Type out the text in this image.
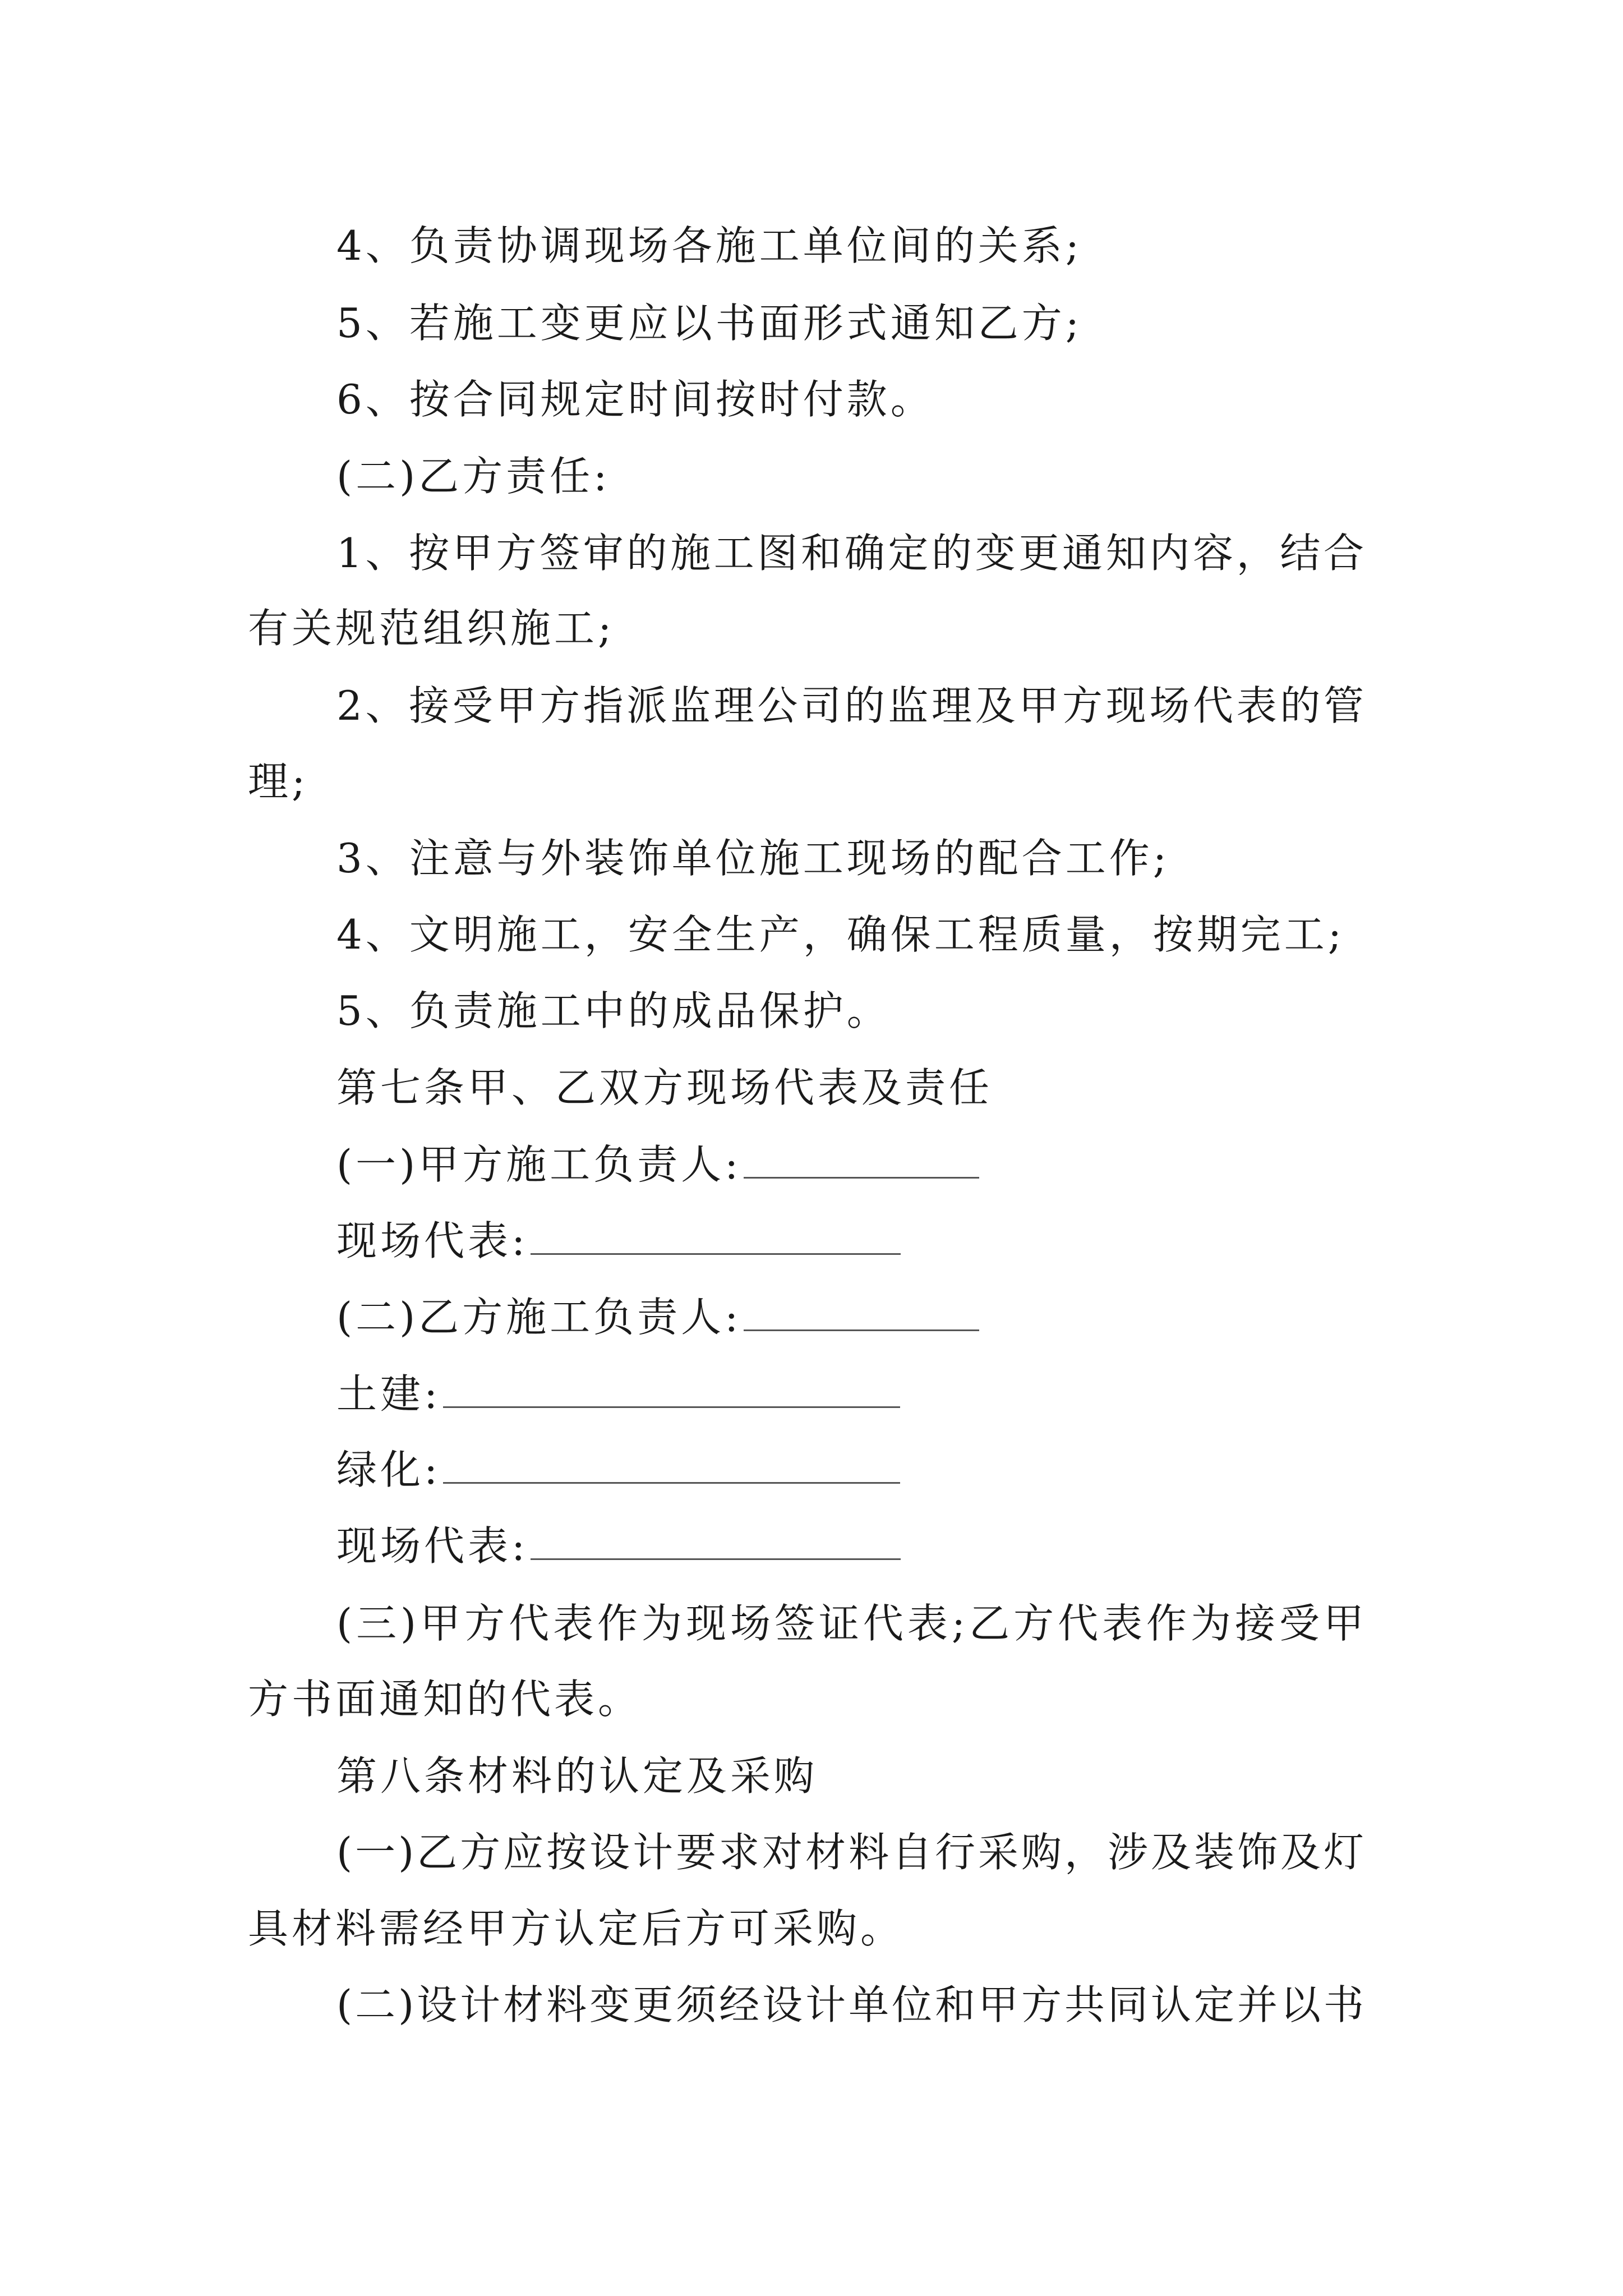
4、负责协调现场各施工单位间的关系;
5、若施工变更应以书面形式通知乙方;
6、按合同规定时间按时付款。
(二)乙方责任:
1、按甲方签审的施工图和确定的变更通知内容，结合
有关规范组织施工;
2、接受甲方指派监理公司的监理及甲方现场代表的管
理;
3、注意与外装饰单位施工现场的配合工作;
4、文明施工，安全生产，确保工程质量，按期完工;
5、负责施工中的成品保护。
第七条甲、乙双方现场代表及责任
(一)甲方施工负责人:
现场代表:
(二)乙方施工负责人:
土建:
绿化:
现场代表:
(三)甲方代表作为现场签证代表;乙方代表作为接受甲
方书面通知的代表。
第八条材料的认定及采购
(一)乙方应按设计要求对材料自行采购，涉及装饰及灯
具材料需经甲方认定后方可采购。
(二)设计材料变更须经设计单位和甲方共同认定并以书
